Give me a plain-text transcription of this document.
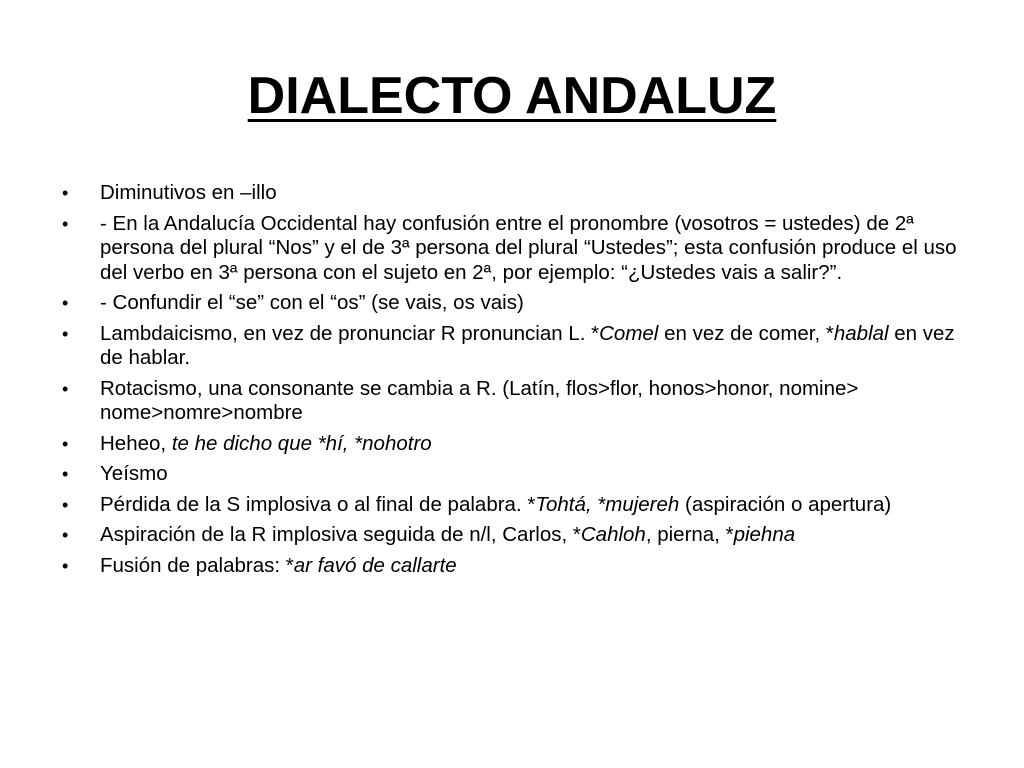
DIALECTO ANDALUZ
•	Diminutivos en –illo
•	- En la Andalucía Occidental hay confusión entre el pronombre (vosotros = ustedes) de 2ª persona del plural “Nos” y el de 3ª persona del plural “Ustedes”; esta confusión produce el uso del verbo en 3ª persona con el sujeto en 2ª, por ejemplo: “¿Ustedes vais a salir?”.
•	- Confundir el “se” con el “os” (se vais, os vais)
•	Lambdaicismo, en vez de pronunciar R pronuncian L. *Comel en vez de comer, *hablal en vez de hablar.
•	Rotacismo, una consonante se cambia a R. (Latín, flos>flor, honos>honor, nomine> nome>nomre>nombre
•	Heheo, te he dicho que *hí, *nohotro
•	Yeísmo
•	Pérdida de la S implosiva o al final de palabra. *Tohtá, *mujereh (aspiración o apertura)
•	Aspiración de la R implosiva seguida de n/l, Carlos, *Cahloh, pierna, *piehna
•	Fusión de palabras: *ar favó de callarte
